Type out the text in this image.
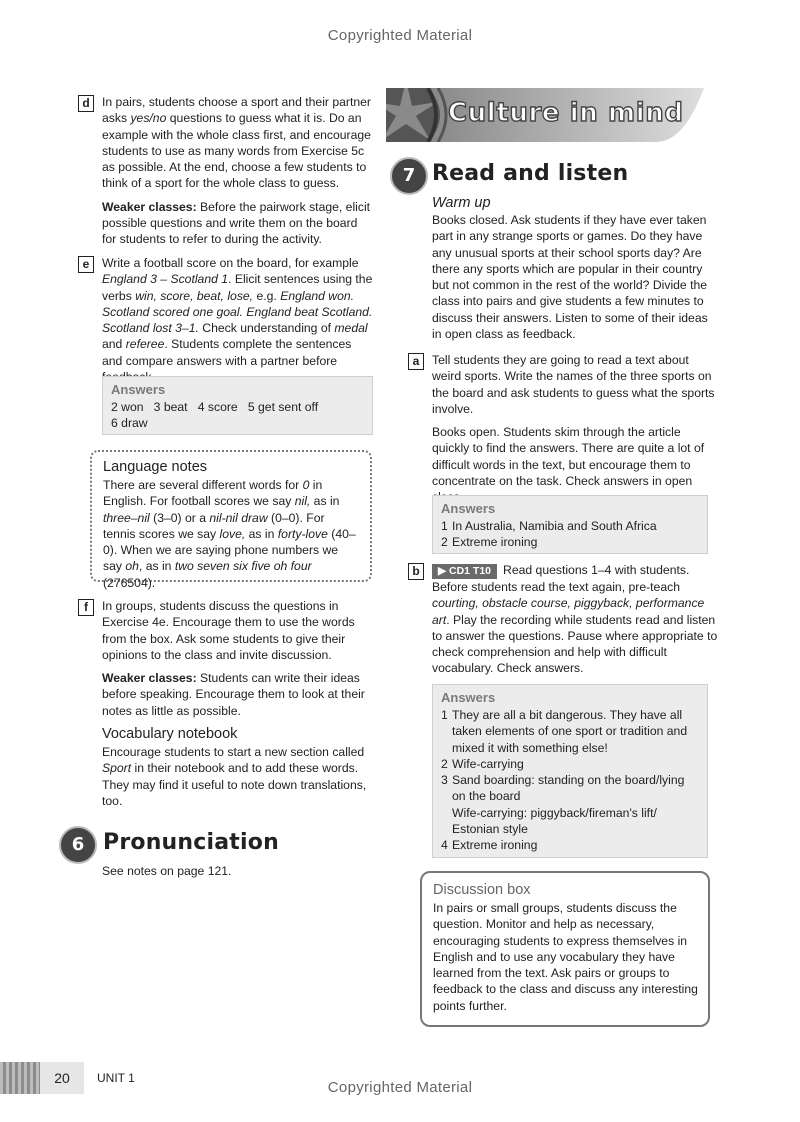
Copyrighted Material
Copyrighted Material
d	In pairs, students choose a sport and their partner asks yes/no questions to guess what it is. Do an example with the whole class first, and encourage students to use as many words from Exercise 5c as possible. At the end, choose a few students to think of a sport for the whole class to guess.

Weaker classes: Before the pairwork stage, elicit possible questions and write them on the board for students to refer to during the activity.

e	Write a football score on the board, for example England 3 – Scotland 1. Elicit sentences using the verbs win, score, beat, lose, e.g. England won. Scotland scored one goal. England beat Scotland. Scotland lost 3–1. Check understanding of medal and referee. Students complete the sentences and compare answers with a partner before

Answers

2 won   3 beat   4 score   5 get sent off

6 draw

Language notes

There are several different words for 0 in English. For football scores we say nil, as in three–nil (3–0) or a nil-nil draw (0–0). For tennis scores we say love, as in forty-love (40–0). When we are saying phone numbers we say oh, as in two seven six five oh four (276504).

f	In groups, students discuss the questions in Exercise 4e. Encourage them to use the words from the box. Ask some students to give their opinions to the class and invite discussion.

Weaker classes: Students can write their ideas before speaking. Encourage them to look at their notes as little as possible.

Vocabulary notebook

Encourage students to start a new section called Sport in their notebook and to add these words. They may find it useful to note down translations, too.

6 Pronunciation

See notes on page 121.

Culture in mind
7 Read and listen
Warm up

Books closed. Ask students if they have ever taken part in any strange sports or games. Do they have any unusual sports at their school sports day? Are there any sports which are popular in their country but not common in the rest of the world? Divide the class into pairs and give students a few minutes to discuss their answers. Listen to some of their ideas in open class as feedback.

a	Tell students they are going to read a text about weird sports. Write the names of the three sports on the board and ask students to guess what the sports involve.

Books open. Students skim through the article quickly to find the answers. There are quite a lot of difficult words in the text, but encourage them to concentrate on the task. Check answers in open

Answers
1 In Australia, Namibia and South Africa
2 Extreme ironing
b	▶ CD1 T10 Read questions 1–4 with students. Before students read the text again, pre-teach courting, obstacle course, piggyback, performance art. Play the recording while students read and listen to answer the questions. Pause where appropriate to check comprehension and help with difficult vocabulary. Check answers.

Answers
1 They are all a bit dangerous. They have all taken elements of one sport or tradition and mixed it with something else!
2 Wife-carrying
3 Sand boarding: standing on the board/lying on the board
Wife-carrying: piggyback/fireman's lift/ Estonian style
4 Extreme ironing
Discussion box

In pairs or small groups, students discuss the question. Monitor and help as necessary, encouraging students to express themselves in English and to use any vocabulary they have learned from the text. Ask pairs or groups to feedback to the class and discuss any interesting points further.

20	UNIT 1
